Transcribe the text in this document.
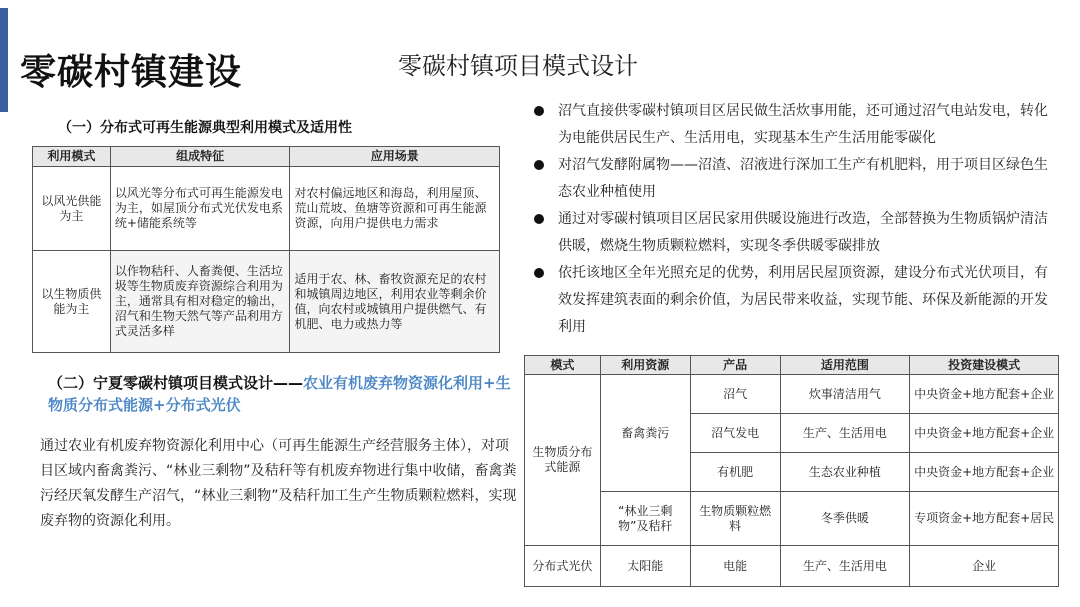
零碳村镇建设	零碳村镇项目模式设计
（一）分布式可再生能源典型利用模式及适用性
利用模式	组成特征	应用场景
以风光供能为主	以风光等分布式可再生能源发电为主，如屋顶分布式光伏发电系统+储能系统等	对农村偏远地区和海岛，利用屋顶、荒山荒坡、鱼塘等资源和可再生能源资源，向用户提供电力需求
以生物质供能为主	以作物秸秆、人畜粪便、生活垃圾等生物质废弃资源综合利用为主，通常具有相对稳定的输出，沼气和生物天然气等产品利用方式灵活多样	适用于农、林、畜牧资源充足的农村和城镇周边地区，利用农业等剩余价值，向农村或城镇用户提供燃气、有机肥、电力或热力等
（二）宁夏零碳村镇项目模式设计——农业有机废弃物资源化利用+生物质分布式能源+分布式光伏
通过农业有机废弃物资源化利用中心（可再生能源生产经营服务主体），对项目区域内畜禽粪污、“林业三剩物”及秸秆等有机废弃物进行集中收储，畜禽粪污经厌氧发酵生产沼气，“林业三剩物”及秸秆加工生产生物质颗粒燃料，实现废弃物的资源化利用。
沼气直接供零碳村镇项目区居民做生活炊事用能，还可通过沼气电站发电，转化为电能供居民生产、生活用电，实现基本生产生活用能零碳化
对沼气发酵附属物——沼渣、沼液进行深加工生产有机肥料，用于项目区绿色生态农业种植使用
通过对零碳村镇项目区居民家用供暖设施进行改造，全部替换为生物质锅炉清洁供暖，燃烧生物质颗粒燃料，实现冬季供暖零碳排放
依托该地区全年光照充足的优势，利用居民屋顶资源，建设分布式光伏项目，有效发挥建筑表面的剩余价值，为居民带来收益，实现节能、环保及新能源的开发利用
模式	利用资源	产品	适用范围	投资建设模式
生物质分布式能源	畜禽粪污	沼气	炊事清洁用气	中央资金+地方配套+企业
		沼气发电	生产、生活用电	中央资金+地方配套+企业
		有机肥	生态农业种植	中央资金+地方配套+企业
	“林业三剩物”及秸秆	生物质颗粒燃料	冬季供暖	专项资金+地方配套+居民
分布式光伏	太阳能	电能	生产、生活用电	企业
